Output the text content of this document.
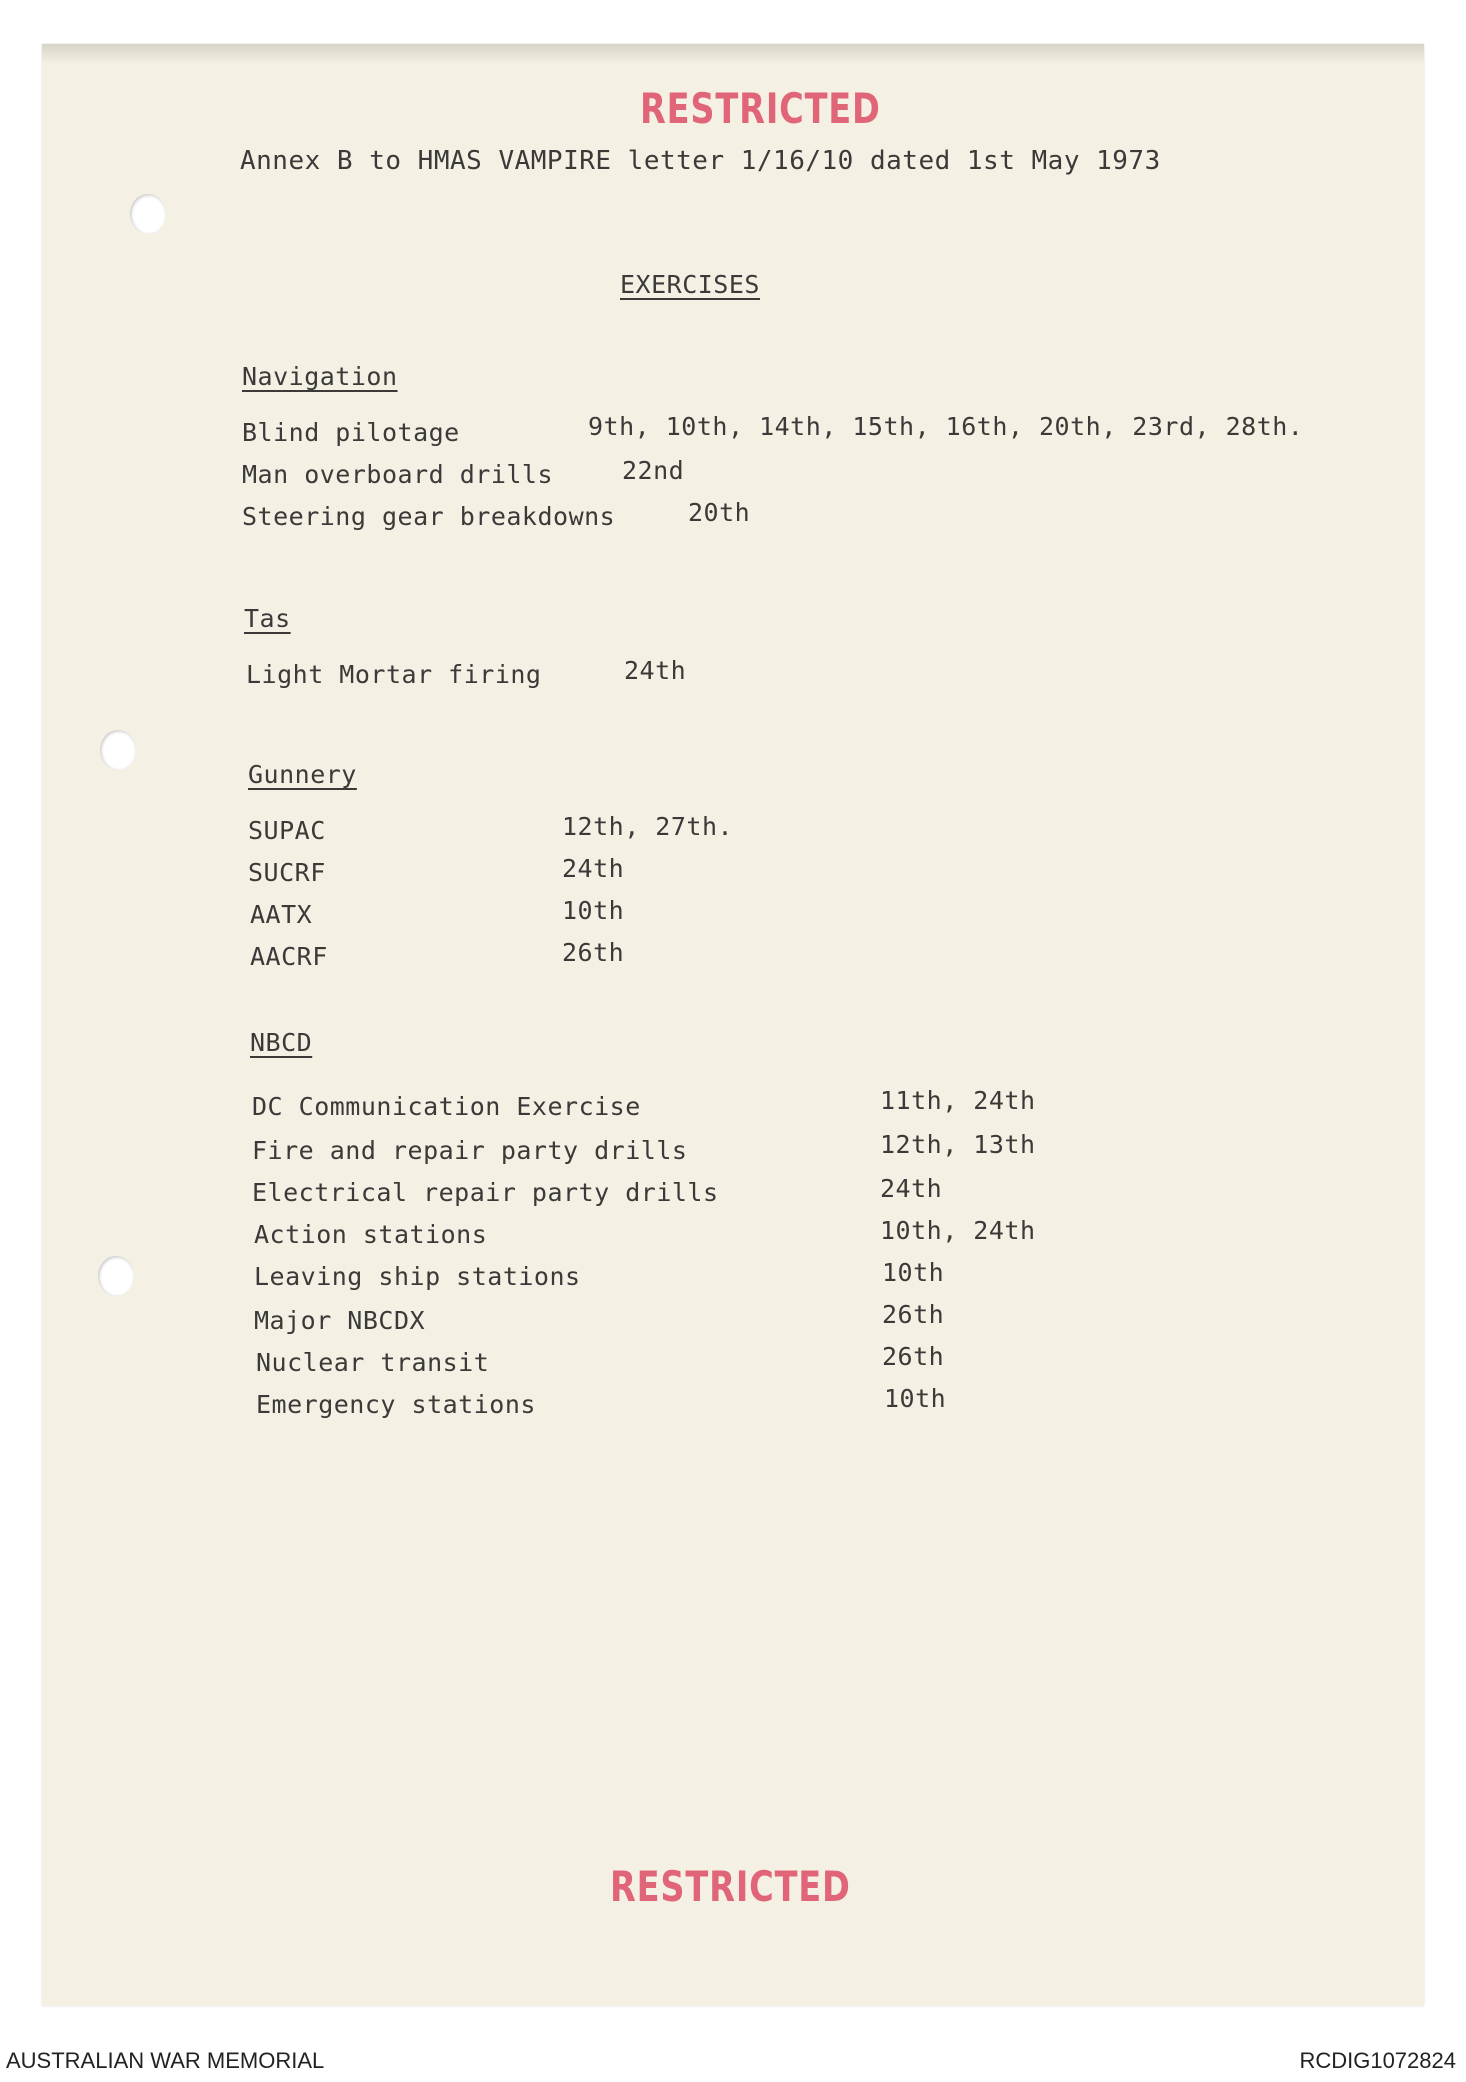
RESTRICTED
Annex B to HMAS VAMPIRE letter 1/16/10 dated 1st May 1973
EXERCISES
Navigation
Blind pilotage	9th, 10th, 14th, 15th, 16th, 20th, 23rd, 28th.
Man overboard drills	22nd
Steering gear breakdowns	20th
Tas
Light Mortar firing	24th
Gunnery
SUPAC	12th, 27th.
SUCRF	24th
AATX	10th
AACRF	26th
NBCD
DC Communication Exercise	11th, 24th
Fire and repair party drills	12th, 13th
Electrical repair party drills	24th
Action stations	10th, 24th
Leaving ship stations	10th
Major NBCDX	26th
Nuclear transit	26th
Emergency stations	10th
RESTRICTED
AUSTRALIAN WAR MEMORIAL	RCDIG1072824
